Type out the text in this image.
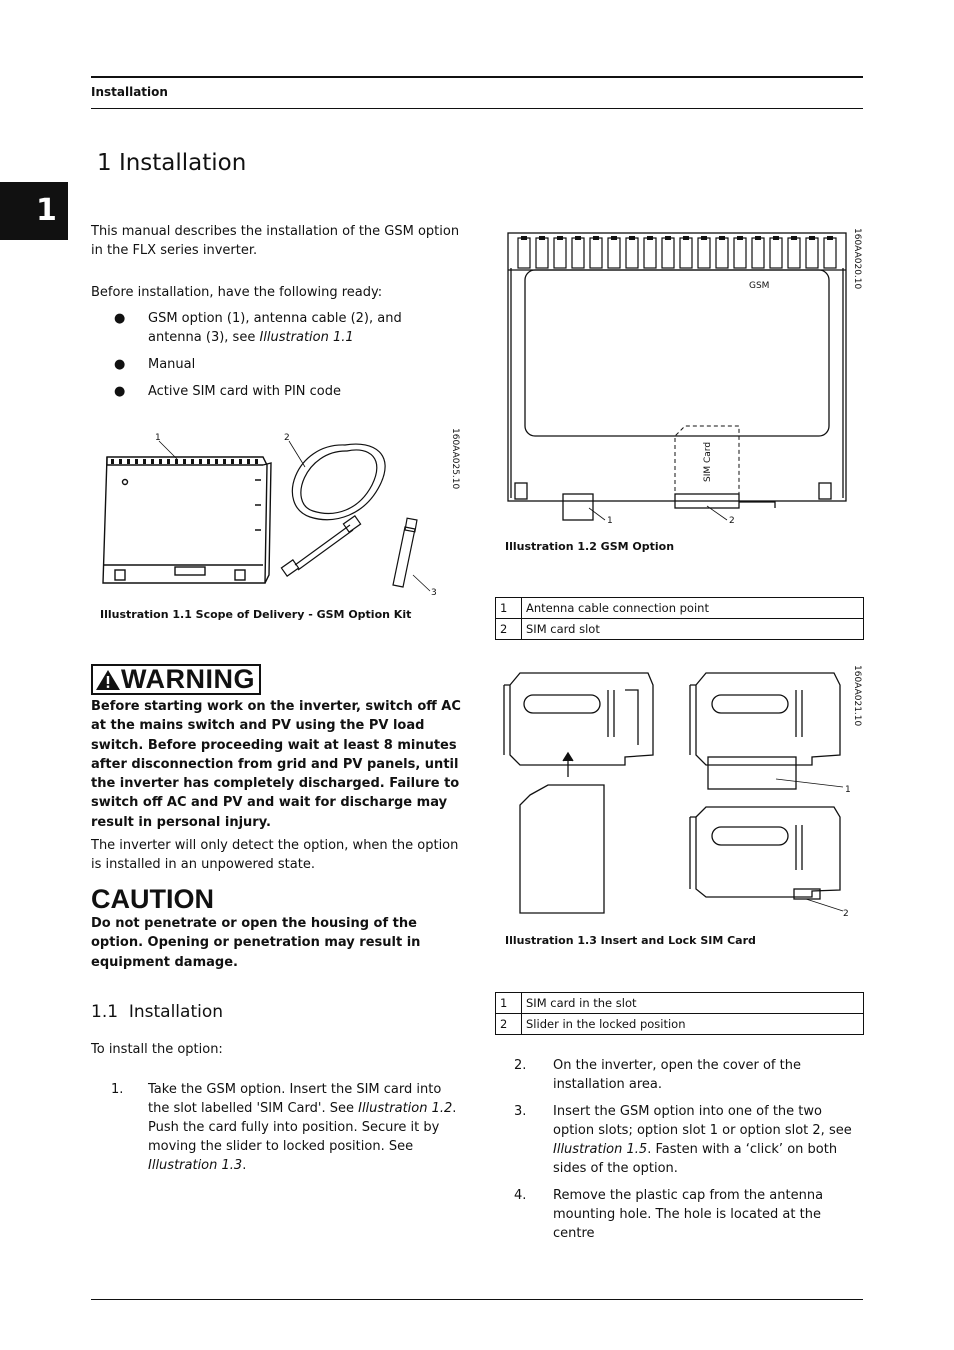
Installation
1
1 Installation
This manual describes the installation of the GSM option in the FLX series inverter.
Before installation, have the following ready:
● GSM option (1), antenna cable (2), and antenna (3), see Illustration 1.1
● Manual
● Active SIM card with PIN code
1	2
3
160AA025.10
Illustration 1.1 Scope of Delivery - GSM Option Kit
WARNING
Before starting work on the inverter, switch off AC at the mains switch and PV using the PV load switch. Before proceeding wait at least 8 minutes after disconnection from grid and PV panels, until the inverter has completely discharged. Failure to switch off AC and PV and wait for discharge may result in personal injury.
The inverter will only detect the option, when the option is installed in an unpowered state.
CAUTION
Do not penetrate or open the housing of the option. Opening or penetration may result in equipment damage.
1.1 Installation
To install the option:
1. Take the GSM option. Insert the SIM card into the slot labelled 'SIM Card'. See Illustration 1.2.
Push the card fully into position. Secure it by moving the slider to locked position. See Illustration 1.3.
GSM
SIM Card
1	2
160AA020.10
Illustration 1.2 GSM Option
1	Antenna cable connection point
2	SIM card slot
1
2
160AA021.10
Illustration 1.3 Insert and Lock SIM Card
1	SIM card in the slot
2	Slider in the locked position
2. On the inverter, open the cover of the installation area.
3. Insert the GSM option into one of the two option slots; option slot 1 or option slot 2, see Illustration 1.5. Fasten with a ‘click’ on both sides of the option.
4. Remove the plastic cap from the antenna mounting hole. The hole is located at the centre
